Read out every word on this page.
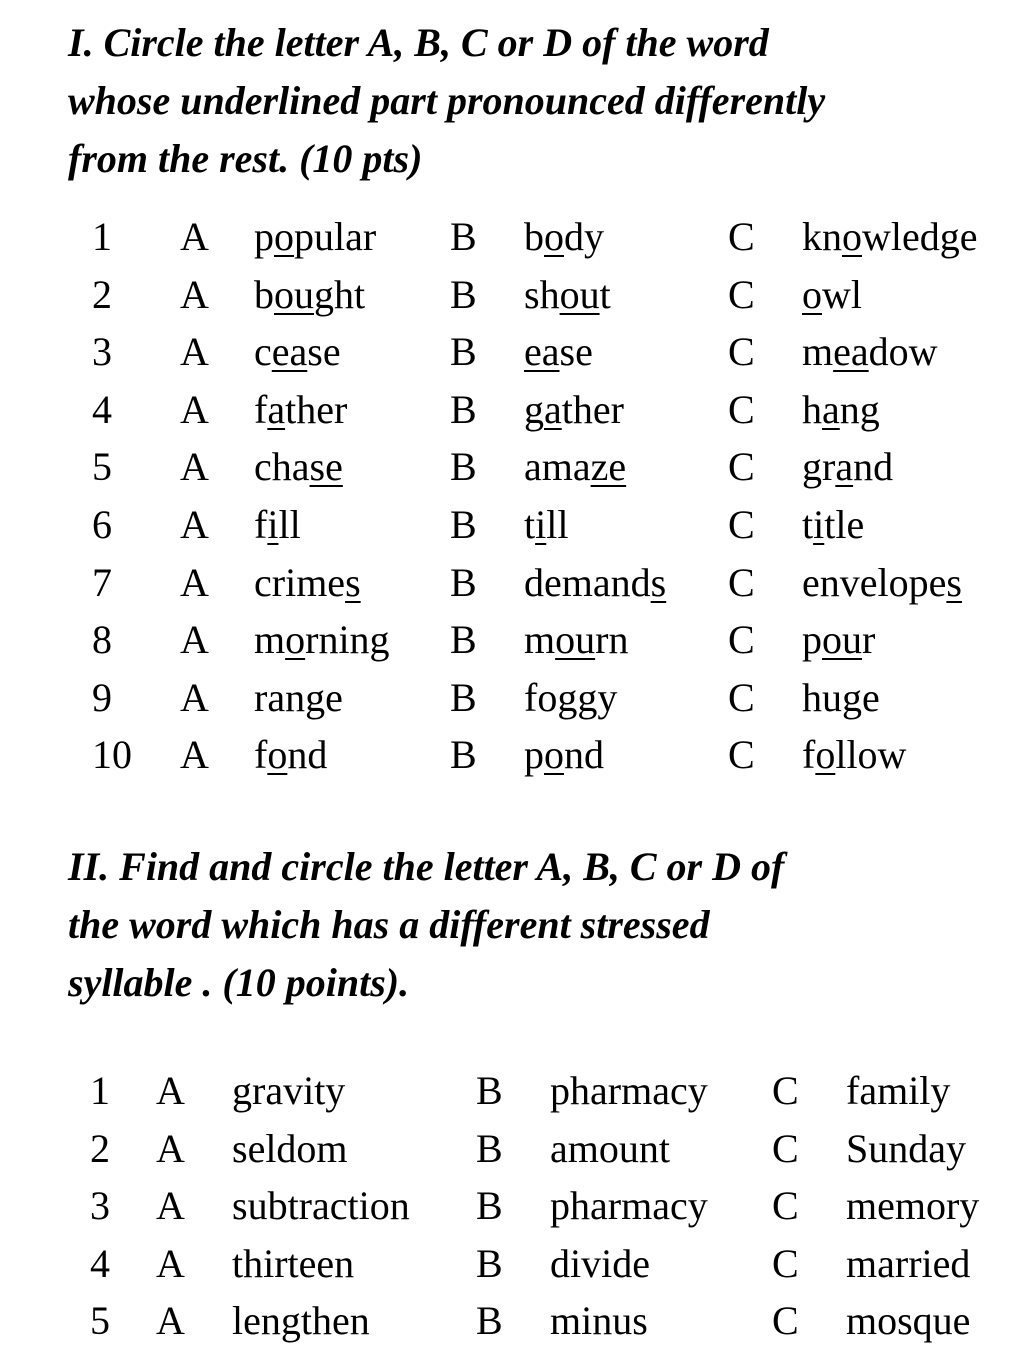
I. Circle the letter A, B, C or D of the word
whose underlined part pronounced differently
from the rest. (10 pts)
1 A popular B body	C knowledge
2 A bought B shout	C owl
3 A cease	B ease	C meadow
4 A father	B gather	C hang
5 A chase	B amaze	C grand
6 A fill	B till	C title
7 A crimes B demands C envelopes
8 A morning B mourn C pour
9 A range	B foggy	C huge
10 A fond	B pond	C follow
II. Find and circle the letter A, B, C or D of
the word which has a different stressed
syllable . (10 points).
1 A gravity	B pharmacy C family
2 A seldom	B amount	C Sunday
3 A subtraction B pharmacy C memory
4 A thirteen	B divide	C married
5 A lengthen	B minus	C mosque
